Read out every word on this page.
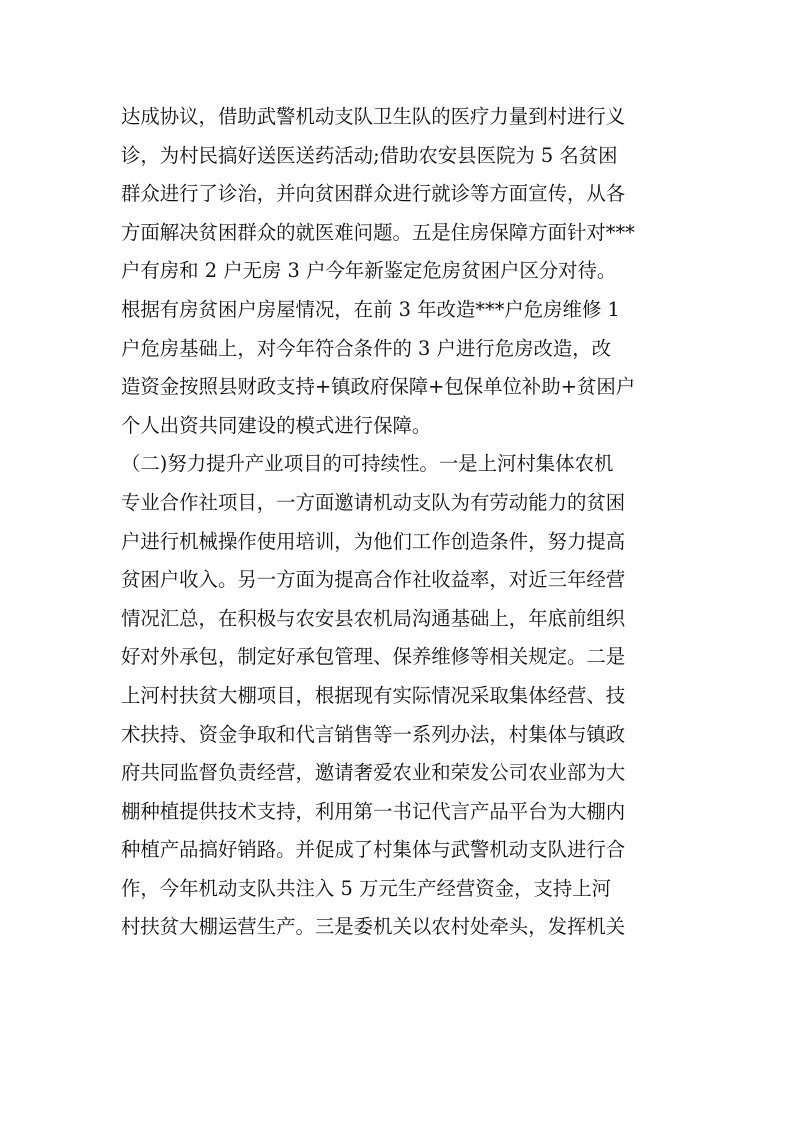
达成协议，借助武警机动支队卫生队的医疗力量到村进行义
诊，为村民搞好送医送药活动;借助农安县医院为 5 名贫困
群众进行了诊治，并向贫困群众进行就诊等方面宣传，从各
方面解决贫困群众的就医难问题。五是住房保障方面针对***
户有房和 2 户无房 3 户今年新鉴定危房贫困户区分对待。
根据有房贫困户房屋情况，在前 3 年改造***户危房维修 1
户危房基础上，对今年符合条件的 3 户进行危房改造，改
造资金按照县财政支持+镇政府保障+包保单位补助+贫困户
个人出资共同建设的模式进行保障。
（二)努力提升产业项目的可持续性。一是上河村集体农机
专业合作社项目，一方面邀请机动支队为有劳动能力的贫困
户进行机械操作使用培训，为他们工作创造条件，努力提高
贫困户收入。另一方面为提高合作社收益率，对近三年经营
情况汇总，在积极与农安县农机局沟通基础上，年底前组织
好对外承包，制定好承包管理、保养维修等相关规定。二是
上河村扶贫大棚项目，根据现有实际情况采取集体经营、技
术扶持、资金争取和代言销售等一系列办法，村集体与镇政
府共同监督负责经营，邀请奢爱农业和荣发公司农业部为大
棚种植提供技术支持，利用第一书记代言产品平台为大棚内
种植产品搞好销路。并促成了村集体与武警机动支队进行合
作，今年机动支队共注入 5 万元生产经营资金，支持上河
村扶贫大棚运营生产。三是委机关以农村处牵头，发挥机关
